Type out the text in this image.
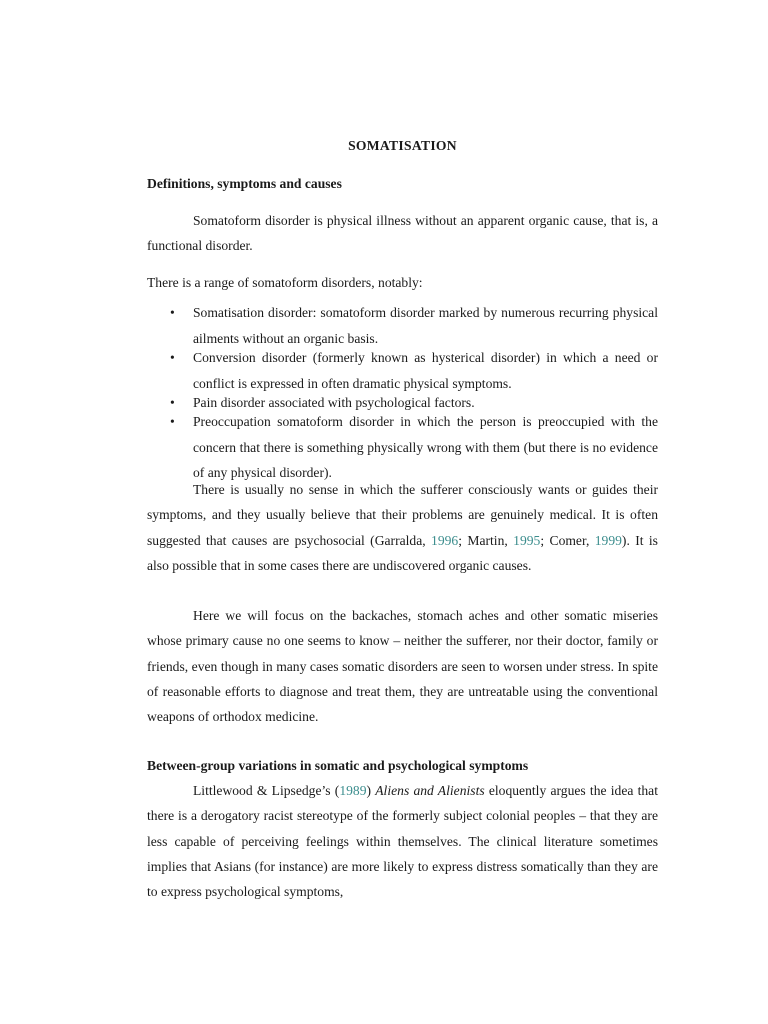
SOMATISATION
Definitions, symptoms and causes

Somatoform disorder is physical illness without an apparent organic cause, that is, a functional disorder.

There is a range of somatoform disorders, notably:

• Somatisation disorder: somatoform disorder marked by numerous recurring physical ailments without an organic basis.
• Conversion disorder (formerly known as hysterical disorder) in which a need or conflict is expressed in often dramatic physical symptoms.
• Pain disorder associated with psychological factors.
• Preoccupation somatoform disorder in which the person is preoccupied with the concern that there is something physically wrong with them (but there is no evidence of any physical disorder).

There is usually no sense in which the sufferer consciously wants or guides their symptoms, and they usually believe that their problems are genuinely medical. It is often suggested that causes are psychosocial (Garralda, 1996; Martin, 1995; Comer, 1999). It is also possible that in some cases there are undiscovered organic causes.

Here we will focus on the backaches, stomach aches and other somatic miseries whose primary cause no one seems to know – neither the sufferer, nor their doctor, family or friends, even though in many cases somatic disorders are seen to worsen under stress. In spite of reasonable efforts to diagnose and treat them, they are untreatable using the conventional weapons of orthodox medicine.

Between-group variations in somatic and psychological symptoms

Littlewood & Lipsedge’s (1989) Aliens and Alienists eloquently argues the idea that there is a derogatory racist stereotype of the formerly subject colonial peoples – that they are less capable of perceiving feelings within themselves. The clinical literature sometimes implies that Asians (for instance) are more likely to express distress somatically than they are to express psychological symptoms,
